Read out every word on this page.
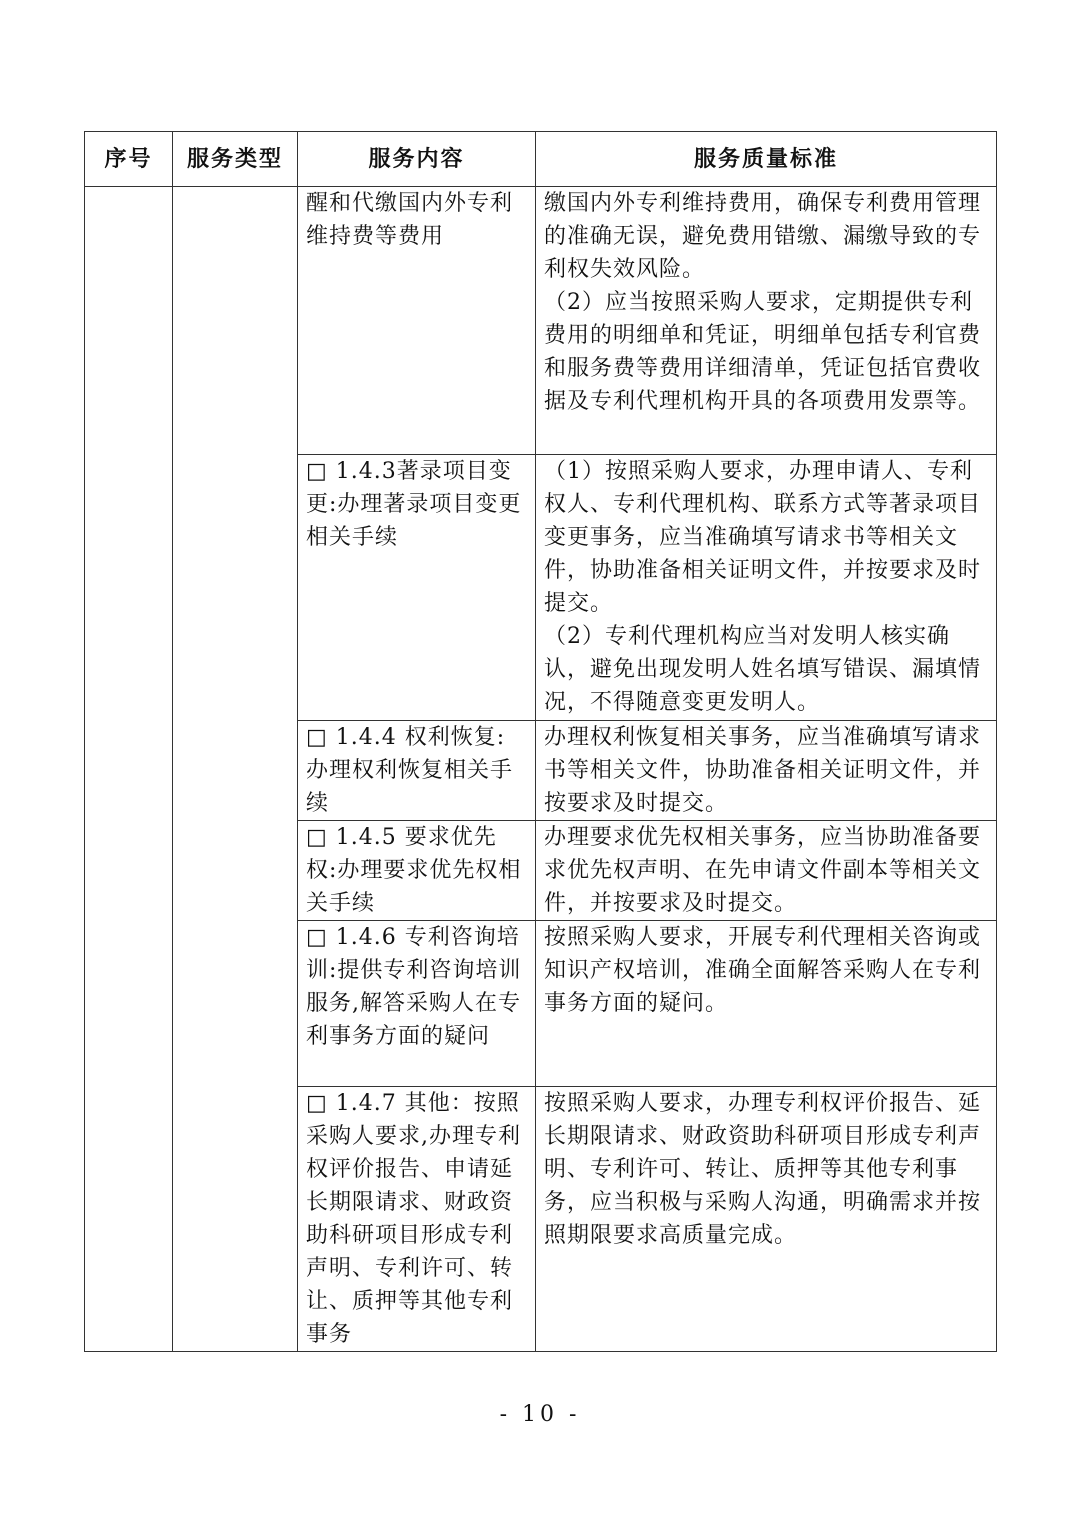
序号	服务类型	服务内容	服务质量标准
		醒和代缴国内外专利维持费等费用	缴国内外专利维持费用，确保专利费用管理的准确无误，避免费用错缴、漏缴导致的专利权失效风险。
（2）应当按照采购人要求，定期提供专利费用的明细单和凭证，明细单包括专利官费和服务费等费用详细清单，凭证包括官费收据及专利代理机构开具的各项费用发票等。

		□ 1.4.3著录项目变更:办理著录项目变更相关手续	（1）按照采购人要求，办理申请人、专利权人、专利代理机构、联系方式等著录项目变更事务，应当准确填写请求书等相关文件，协助准备相关证明文件，并按要求及时提交。
（2）专利代理机构应当对发明人核实确认，避免出现发明人姓名填写错误、漏填情况，不得随意变更发明人。

		□ 1.4.4 权利恢复:办理权利恢复相关手续	办理权利恢复相关事务，应当准确填写请求书等相关文件，协助准备相关证明文件，并按要求及时提交。

		□ 1.4.5 要求优先权:办理要求优先权相关手续	办理要求优先权相关事务，应当协助准备要求优先权声明、在先申请文件副本等相关文件，并按要求及时提交。

		□ 1.4.6 专利咨询培训:提供专利咨询培训服务,解答采购人在专利事务方面的疑问	按照采购人要求，开展专利代理相关咨询或知识产权培训，准确全面解答采购人在专利事务方面的疑问。

		□ 1.4.7 其他：按照采购人要求,办理专利权评价报告、申请延长期限请求、财政资助科研项目形成专利声明、专利许可、转让、质押等其他专利事务	按照采购人要求，办理专利权评价报告、延长期限请求、财政资助科研项目形成专利声明、专利许可、转让、质押等其他专利事务，应当积极与采购人沟通，明确需求并按照期限要求高质量完成。
- 10 -
